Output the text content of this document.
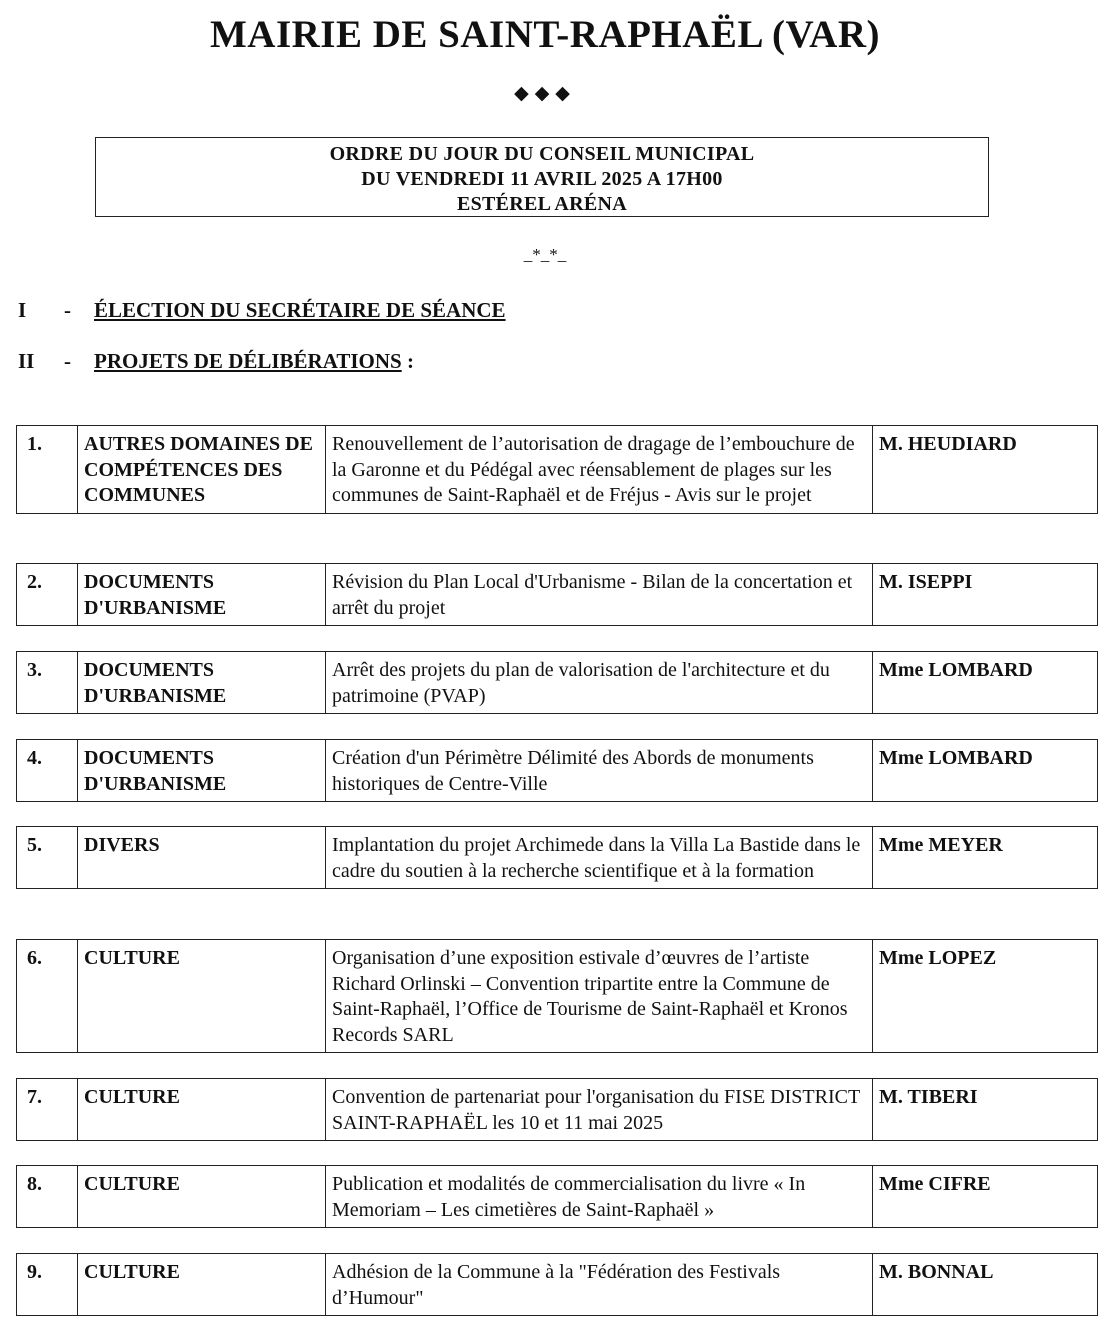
MAIRIE DE SAINT-RAPHAËL (VAR)
◆◆◆
ORDRE DU JOUR DU CONSEIL MUNICIPAL
DU VENDREDI 11 AVRIL 2025 A 17H00
ESTÉREL ARÉNA
_*_*_
I - ÉLECTION DU SECRÉTAIRE DE SÉANCE
II - PROJETS DE DÉLIBÉRATIONS :
1.	AUTRES DOMAINES DE COMPÉTENCES DES COMMUNES	Renouvellement de l’autorisation de dragage de l’embouchure de la Garonne et du Pédégal avec réensablement de plages sur les communes de Saint-Raphaël et de Fréjus - Avis sur le projet	M. HEUDIARD
2.	DOCUMENTS D'URBANISME	Révision du Plan Local d'Urbanisme - Bilan de la concertation et arrêt du projet	M. ISEPPI
3.	DOCUMENTS D'URBANISME	Arrêt des projets du plan de valorisation de l'architecture et du patrimoine (PVAP)	Mme LOMBARD
4.	DOCUMENTS D'URBANISME	Création d'un Périmètre Délimité des Abords de monuments historiques de Centre-Ville	Mme LOMBARD
5.	DIVERS	Implantation du projet Archimede dans la Villa La Bastide dans le cadre du soutien à la recherche scientifique et à la formation	Mme MEYER
6.	CULTURE	Organisation d’une exposition estivale d’œuvres de l’artiste Richard Orlinski – Convention tripartite entre la Commune de Saint-Raphaël, l’Office de Tourisme de Saint-Raphaël et Kronos Records SARL	Mme LOPEZ
7.	CULTURE	Convention de partenariat pour l'organisation du FISE DISTRICT SAINT-RAPHAËL les 10 et 11 mai 2025	M. TIBERI
8.	CULTURE	Publication et modalités de commercialisation du livre « In Memoriam – Les cimetières de Saint-Raphaël »	Mme CIFRE
9.	CULTURE	Adhésion de la Commune à la "Fédération des Festivals d’Humour"	M. BONNAL
